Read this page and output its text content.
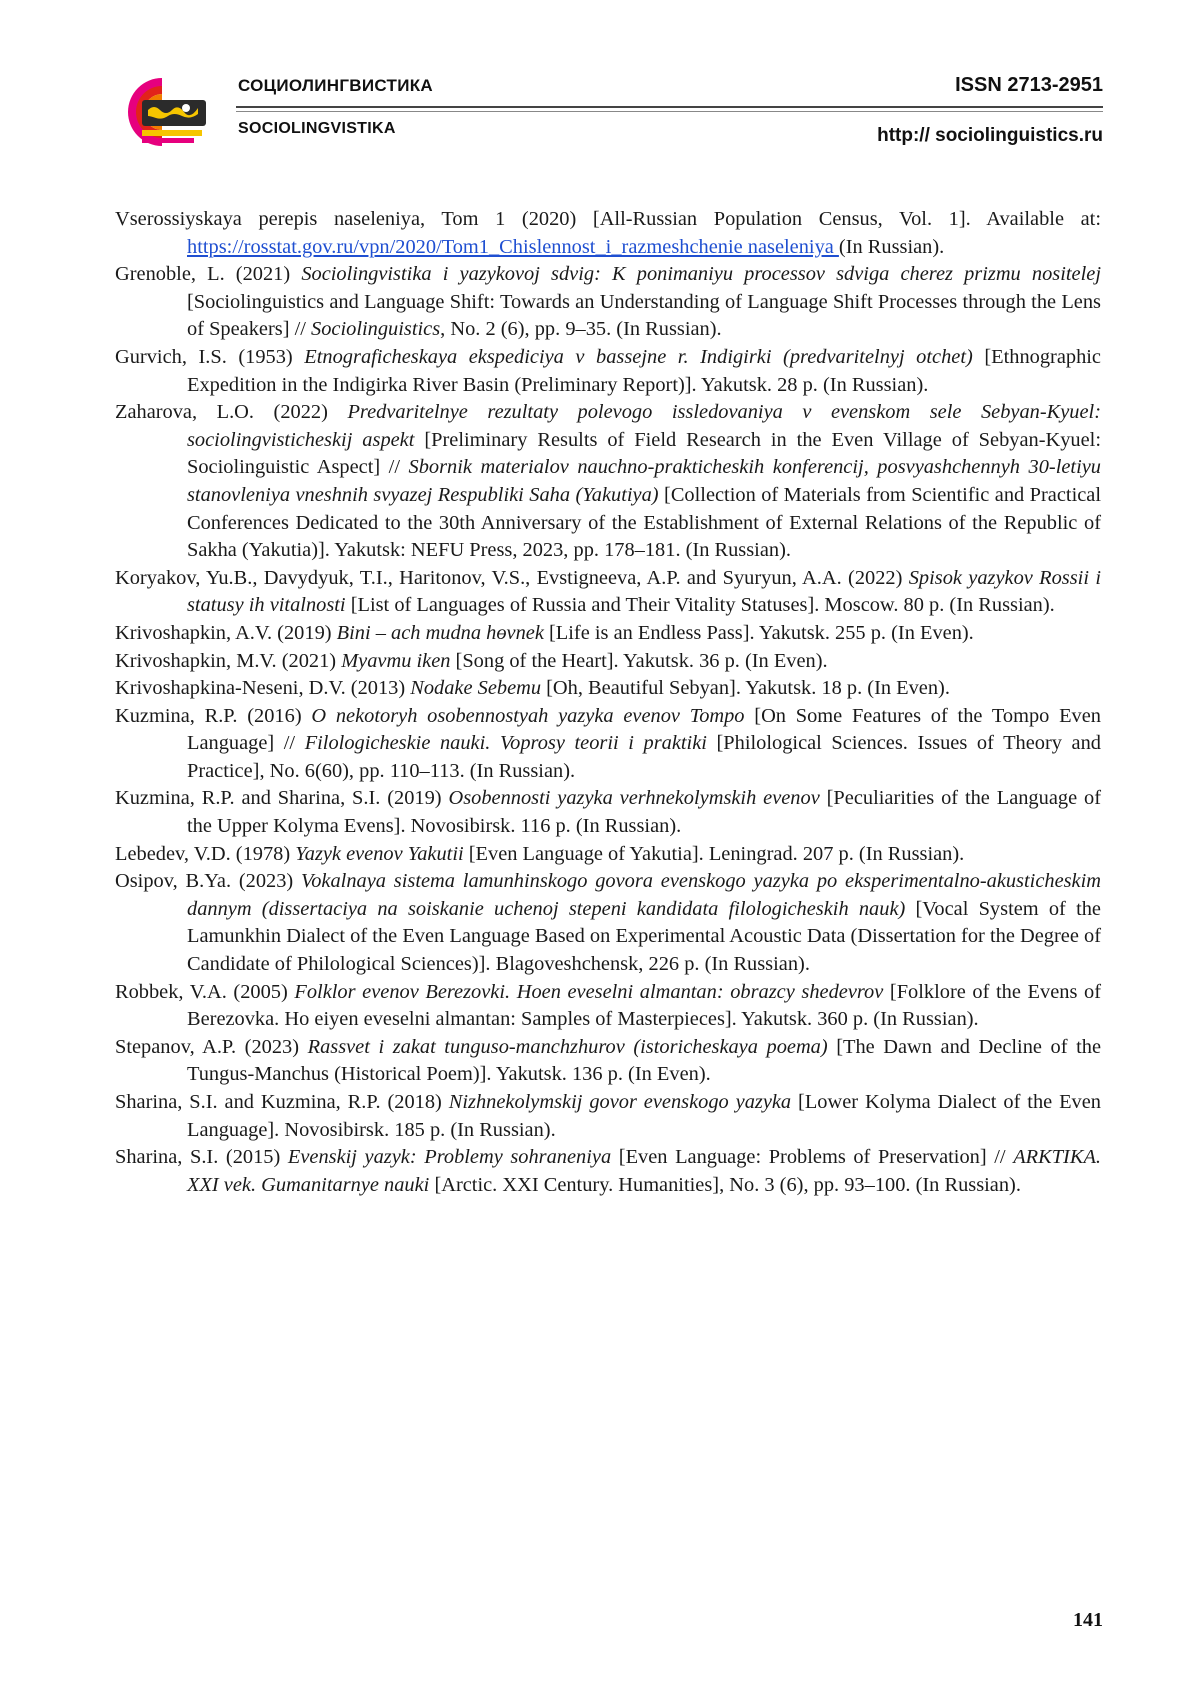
СОЦИОЛИНГВИСТИКА
SOCIOLINGVISTIKA
ISSN 2713-2951
http:// sociolinguistics.ru
Vserossiyskaya perepis naseleniya, Tom 1 (2020) [All-Russian Population Census, Vol. 1]. Available at: https://rosstat.gov.ru/vpn/2020/Tom1_Chislennost_i_razmeshchenie naseleniya (In Russian).
Grenoble, L. (2021) Sociolingvistika i yazykovoj sdvig: K ponimaniyu processov sdviga cherez prizmu nositelej [Sociolinguistics and Language Shift: Towards an Understanding of Language Shift Processes through the Lens of Speakers] // Sociolinguistics, No. 2 (6), pp. 9–35. (In Russian).
Gurvich, I.S. (1953) Etnograficheskaya ekspediciya v bassejne r. Indigirki (predvaritelnyj otchet) [Ethnographic Expedition in the Indigirka River Basin (Preliminary Report)]. Yakutsk. 28 p. (In Russian).
Zaharova, L.O. (2022) Predvaritelnye rezultaty polevogo issledovaniya v evenskom sele Sebyan-Kyuel: sociolingvisticheskij aspekt [Preliminary Results of Field Research in the Even Village of Sebyan-Kyuel: Sociolinguistic Aspect] // Sbornik materialov nauchno-prakticheskih konferencij, posvyashchennyh 30-letiyu stanovleniya vneshnih svyazej Respubliki Saha (Yakutiya) [Collection of Materials from Scientific and Practical Conferences Dedicated to the 30th Anniversary of the Establishment of External Relations of the Republic of Sakha (Yakutia)]. Yakutsk: NEFU Press, 2023, pp. 178–181. (In Russian).
Koryakov, Yu.B., Davydyuk, T.I., Haritonov, V.S., Evstigneeva, A.P. and Syuryun, A.A. (2022) Spisok yazykov Rossii i statusy ih vitalnosti [List of Languages of Russia and Their Vitality Statuses]. Moscow. 80 p. (In Russian).
Krivoshapkin, A.V. (2019) Bini – ach mudna hɵvnek [Life is an Endless Pass]. Yakutsk. 255 p. (In Even).
Krivoshapkin, M.V. (2021) Myavmu iken [Song of the Heart]. Yakutsk. 36 p. (In Even).
Krivoshapkina-Neseni, D.V. (2013) Nodake Sebemu [Oh, Beautiful Sebyan]. Yakutsk. 18 p. (In Even).
Kuzmina, R.P. (2016) O nekotoryh osobennostyah yazyka evenov Tompo [On Some Features of the Tompo Even Language] // Filologicheskie nauki. Voprosy teorii i praktiki [Philological Sciences. Issues of Theory and Practice], No. 6(60), pp. 110–113. (In Russian).
Kuzmina, R.P. and Sharina, S.I. (2019) Osobennosti yazyka verhnekolymskih evenov [Peculiarities of the Language of the Upper Kolyma Evens]. Novosibirsk. 116 p. (In Russian).
Lebedev, V.D. (1978) Yazyk evenov Yakutii [Even Language of Yakutia]. Leningrad. 207 p. (In Russian).
Osipov, B.Ya. (2023) Vokalnaya sistema lamunhinskogo govora evenskogo yazyka po eksperimentalno-akusticheskim dannym (dissertaciya na soiskanie uchenoj stepeni kandidata filologicheskih nauk) [Vocal System of the Lamunkhin Dialect of the Even Language Based on Experimental Acoustic Data (Dissertation for the Degree of Candidate of Philological Sciences)]. Blagoveshchensk, 226 p. (In Russian).
Robbek, V.A. (2005) Folklor evenov Berezovki. Hoen eveselni almantan: obrazcy shedevrov [Folklore of the Evens of Berezovka. Ho eiyen eveselni almantan: Samples of Masterpieces]. Yakutsk. 360 p. (In Russian).
Stepanov, A.P. (2023) Rassvet i zakat tunguso-manchzhurov (istoricheskaya poema) [The Dawn and Decline of the Tungus-Manchus (Historical Poem)]. Yakutsk. 136 p. (In Even).
Sharina, S.I. and Kuzmina, R.P. (2018) Nizhnekolymskij govor evenskogo yazyka [Lower Kolyma Dialect of the Even Language]. Novosibirsk. 185 p. (In Russian).
Sharina, S.I. (2015) Evenskij yazyk: Problemy sohraneniya [Even Language: Problems of Preservation] // ARKTIKA. XXI vek. Gumanitarnye nauki [Arctic. XXI Century. Humanities], No. 3 (6), pp. 93–100. (In Russian).
141
